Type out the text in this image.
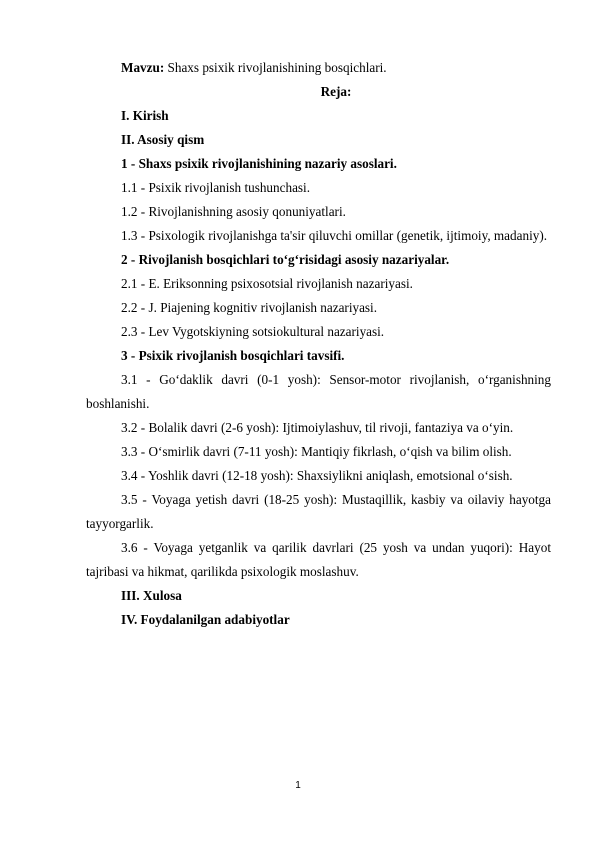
Mavzu: Shaxs psixik rivojlanishining bosqichlari.

Reja:

I. Kirish

II. Asosiy qism

1 - Shaxs psixik rivojlanishining nazariy asoslari.

1.1 - Psixik rivojlanish tushunchasi.

1.2 - Rivojlanishning asosiy qonuniyatlari.

1.3 - Psixologik rivojlanishga ta'sir qiluvchi omillar (genetik, ijtimoiy, madaniy).

2 - Rivojlanish bosqichlari to‘g‘risidagi asosiy nazariyalar.

2.1 - E. Eriksonning psixosotsial rivojlanish nazariyasi.

2.2 - J. Piajening kognitiv rivojlanish nazariyasi.

2.3 - Lev Vygotskiyning sotsiokultural nazariyasi.

3 - Psixik rivojlanish bosqichlari tavsifi.

3.1 - Go‘daklik davri (0-1 yosh): Sensor-motor rivojlanish, o‘rganishning boshlanishi.

3.2 - Bolalik davri (2-6 yosh): Ijtimoiylashuv, til rivoji, fantaziya va o‘yin.

3.3 - O‘smirlik davri (7-11 yosh): Mantiqiy fikrlash, o‘qish va bilim olish.

3.4 - Yoshlik davri (12-18 yosh): Shaxsiylikni aniqlash, emotsional o‘sish.

3.5 - Voyaga yetish davri (18-25 yosh): Mustaqillik, kasbiy va oilaviy hayotga tayyorgarlik.

3.6 - Voyaga yetganlik va qarilik davrlari (25 yosh va undan yuqori): Hayot tajribasi va hikmat, qarilikda psixologik moslashuv.

III. Xulosa

IV. Foydalanilgan adabiyotlar

1
